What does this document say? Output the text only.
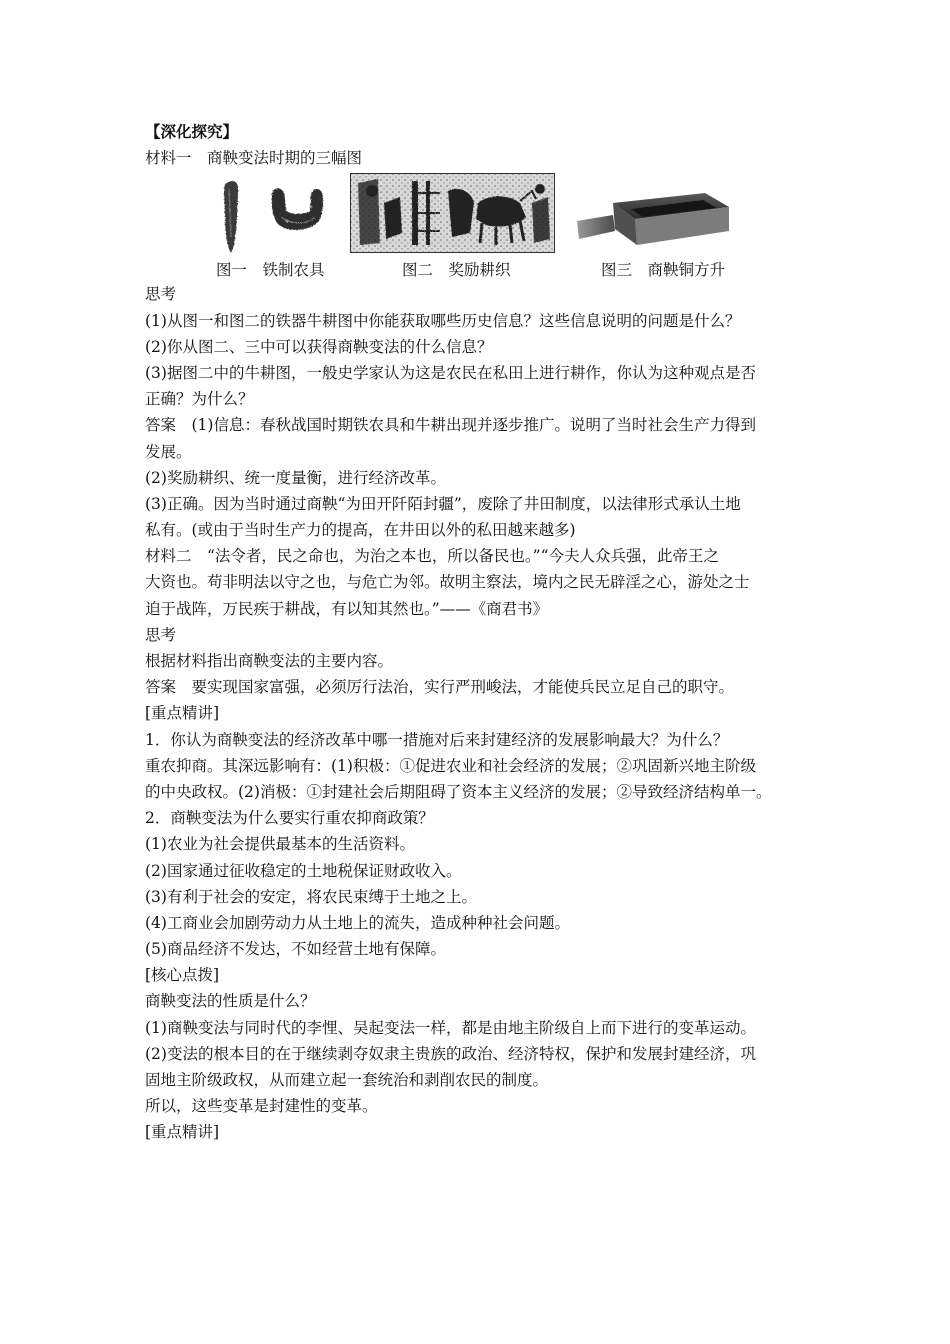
【深化探究】
材料一　商鞅变法时期的三幅图
图一　铁制农具	图二　奖励耕织	图三　商鞅铜方升
思考
(1)从图一和图二的铁器牛耕图中你能获取哪些历史信息？这些信息说明的问题是什么？
(2)你从图二、三中可以获得商鞅变法的什么信息？
(3)据图二中的牛耕图，一般史学家认为这是农民在私田上进行耕作，你认为这种观点是否
正确？为什么？
答案　(1)信息：春秋战国时期铁农具和牛耕出现并逐步推广。说明了当时社会生产力得到
发展。
(2)奖励耕织、统一度量衡，进行经济改革。
(3)正确。因为当时通过商鞅“为田开阡陌封疆”，废除了井田制度，以法律形式承认土地
私有。(或由于当时生产力的提高，在井田以外的私田越来越多)
材料二　“法令者，民之命也，为治之本也，所以备民也。”“今夫人众兵强，此帝王之
大资也。苟非明法以守之也，与危亡为邻。故明主察法，境内之民无辟淫之心，游处之士
迫于战阵，万民疾于耕战，有以知其然也。”——《商君书》
思考
根据材料指出商鞅变法的主要内容。
答案　要实现国家富强，必须厉行法治，实行严刑峻法，才能使兵民立足自己的职守。
[重点精讲]
1．你认为商鞅变法的经济改革中哪一措施对后来封建经济的发展影响最大？为什么？
重农抑商。其深远影响有：(1)积极：①促进农业和社会经济的发展；②巩固新兴地主阶级
的中央政权。(2)消极：①封建社会后期阻碍了资本主义经济的发展；②导致经济结构单一。
2．商鞅变法为什么要实行重农抑商政策？
(1)农业为社会提供最基本的生活资料。
(2)国家通过征收稳定的土地税保证财政收入。
(3)有利于社会的安定，将农民束缚于土地之上。
(4)工商业会加剧劳动力从土地上的流失，造成种种社会问题。
(5)商品经济不发达，不如经营土地有保障。
[核心点拨]
商鞅变法的性质是什么？
(1)商鞅变法与同时代的李悝、吴起变法一样，都是由地主阶级自上而下进行的变革运动。
(2)变法的根本目的在于继续剥夺奴隶主贵族的政治、经济特权，保护和发展封建经济，巩
固地主阶级政权，从而建立起一套统治和剥削农民的制度。
所以，这些变革是封建性的变革。
[重点精讲]
